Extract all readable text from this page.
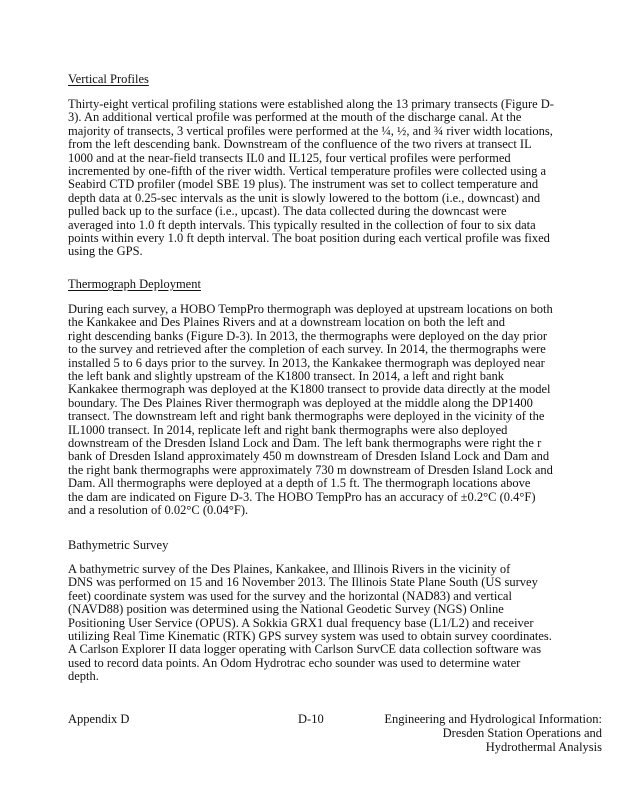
Vertical Profiles
Thirty-eight vertical profiling stations were established along the 13 primary transects (Figure D-
3). An additional vertical profile was performed at the mouth of the discharge canal. At the
majority of transects, 3 vertical profiles were performed at the ¼, ½, and ¾ river width locations,
from the left descending bank. Downstream of the confluence of the two rivers at transect IL
1000 and at the near-field transects IL0 and IL125, four vertical profiles were performed
incremented by one-fifth of the river width. Vertical temperature profiles were collected using a
Seabird CTD profiler (model SBE 19 plus). The instrument was set to collect temperature and
depth data at 0.25-sec intervals as the unit is slowly lowered to the bottom (i.e., downcast) and
pulled back up to the surface (i.e., upcast). The data collected during the downcast were
averaged into 1.0 ft depth intervals. This typically resulted in the collection of four to six data
points within every 1.0 ft depth interval. The boat position during each vertical profile was fixed
using the GPS.
Thermograph Deployment
During each survey, a HOBO TempPro thermograph was deployed at upstream locations on both
the Kankakee and Des Plaines Rivers and at a downstream location on both the left and
right descending banks (Figure D-3). In 2013, the thermographs were deployed on the day prior
to the survey and retrieved after the completion of each survey. In 2014, the thermographs were
installed 5 to 6 days prior to the survey. In 2013, the Kankakee thermograph was deployed near
the left bank and slightly upstream of the K1800 transect. In 2014, a left and right bank
Kankakee thermograph was deployed at the K1800 transect to provide data directly at the model
boundary. The Des Plaines River thermograph was deployed at the middle along the DP1400
transect. The downstream left and right bank thermographs were deployed in the vicinity of the
IL1000 transect. In 2014, replicate left and right bank thermographs were also deployed
downstream of the Dresden Island Lock and Dam. The left bank thermographs were right the r
bank of Dresden Island approximately 450 m downstream of Dresden Island Lock and Dam and
the right bank thermographs were approximately 730 m downstream of Dresden Island Lock and
Dam. All thermographs were deployed at a depth of 1.5 ft. The thermograph locations above
the dam are indicated on Figure D-3. The HOBO TempPro has an accuracy of ±0.2°C (0.4°F)
and a resolution of 0.02°C (0.04°F).
Bathymetric Survey
A bathymetric survey of the Des Plaines, Kankakee, and Illinois Rivers in the vicinity of
DNS was performed on 15 and 16 November 2013. The Illinois State Plane South (US survey
feet) coordinate system was used for the survey and the horizontal (NAD83) and vertical
(NAVD88) position was determined using the National Geodetic Survey (NGS) Online
Positioning User Service (OPUS). A Sokkia GRX1 dual frequency base (L1/L2) and receiver
utilizing Real Time Kinematic (RTK) GPS survey system was used to obtain survey coordinates.
A Carlson Explorer II data logger operating with Carlson SurvCE data collection software was
used to record data points. An Odom Hydrotrac echo sounder was used to determine water
depth.
Appendix D	D-10	Engineering and Hydrological Information:
Dresden Station Operations and
Hydrothermal Analysis
